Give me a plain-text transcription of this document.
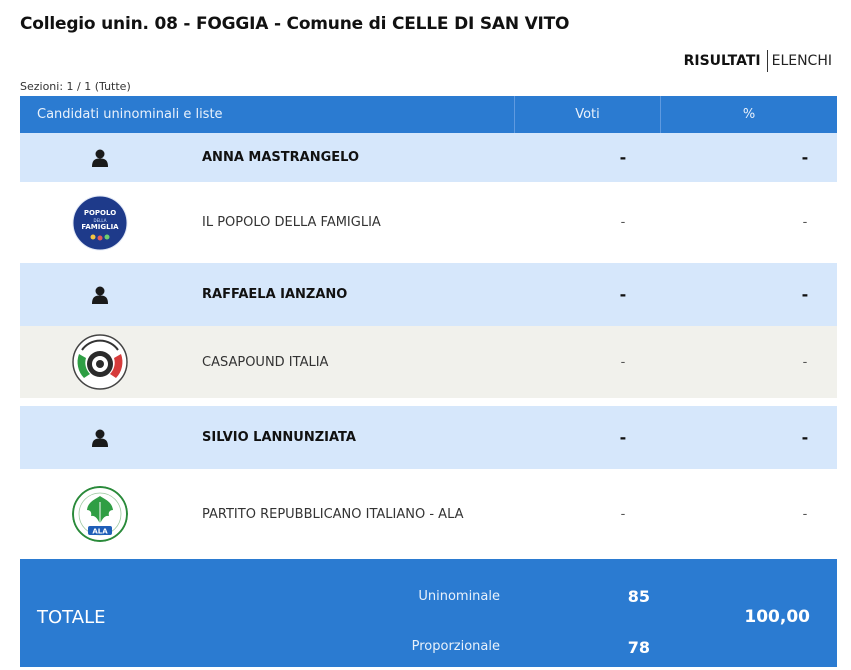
Collegio unin. 08 - FOGGIA - Comune di CELLE DI SAN VITO
RISULTATI ELENCHI
Sezioni: 1 / 1 (Tutte)
Candidati uninominali e liste	Voti	%
ANNA MASTRANGELO	-	-
POPOLO
DELLA
FAMIGLIA	IL POPOLO DELLA FAMIGLIA	-	-
RAFFAELA IANZANO	-	-
CASAPOUND ITALIA	-	-
SILVIO LANNUNZIATA	-	-
ALA
PARTITO REPUBBLICANO ITALIANO - ALA	-	-
TOTALE
Uninominale	85
Proporzionale	78
100,00
